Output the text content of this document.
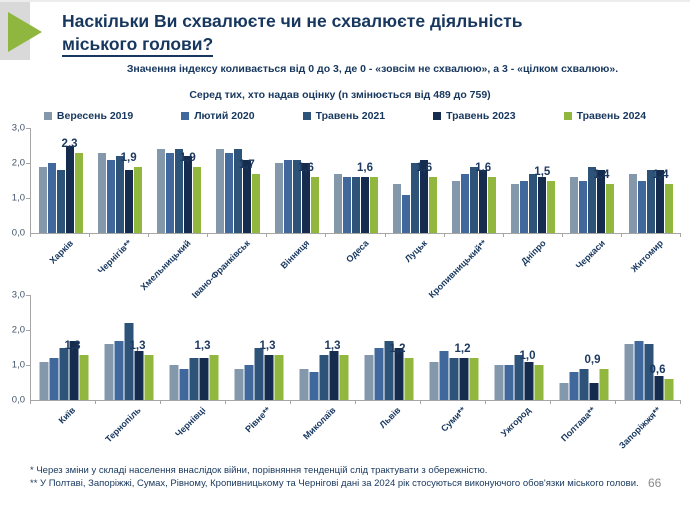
Наскільки Ви схвалюєте чи не схвалюєте діяльність
міського голови?
Значення індексу коливається від 0 до 3, де 0 - «зовсім не схвалюю», а 3 - «цілком схвалюю».
Серед тих, хто надав оцінку (n змінюється від 489 до 759)
Вересень 2019	Лютий 2020	Травень 2021	Травень 2023	Травень 2024
3,0
2,0
1,0
0,0
2,3
Харків
1,9
Чернігів**
1,9
Хмельницький
1,7
Івано-Франківськ
1,6
Вінниця
1,6
Одеса
1,6
Луцьк
1,6
Кропивницький**
1,5
Дніпро
1,4
Черкаси
1,4
Житомир
3,0
2,0
1,0
0,0
1,3
Київ
1,3
Тернопіль
1,3
Чернівці
1,3
Рівне**
1,3
Миколаїв
1,2
Львів
1,2
Суми**
1,0
Ужгород
0,9
Полтава**
0,6
Запоріжжя**
* Через зміни у складі населення внаслідок війни, порівняння тенденцій слід трактувати з обережністю.
** У Полтаві, Запоріжжі, Сумах, Рівному, Кропивницькому та Чернігові дані за 2024 рік стосуються виконуючого обов'язки міського голови. 66
